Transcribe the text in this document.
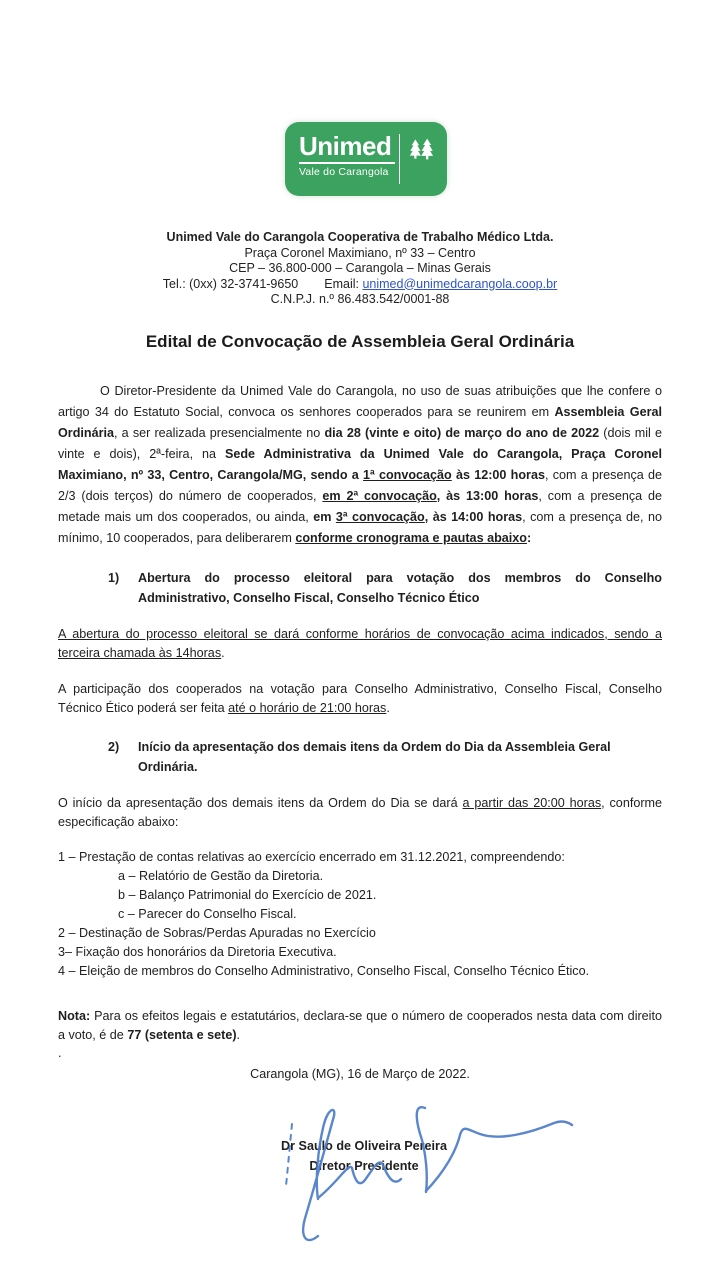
Unimed
Vale do Carangola
Unimed Vale do Carangola Cooperativa de Trabalho Médico Ltda.
Praça Coronel Maximiano, nº 33 – Centro
CEP – 36.800-000 – Carangola – Minas Gerais
Tel.: (0xx) 32-3741-9650 Email: unimed@unimedcarangola.coop.br
C.N.P.J. n.º 86.483.542/0001-88
Edital de Convocação de Assembleia Geral Ordinária

O Diretor-Presidente da Unimed Vale do Carangola, no uso de suas atribuições que lhe confere o artigo 34 do Estatuto Social, convoca os senhores cooperados para se reunirem em Assembleia Geral Ordinária, a ser realizada presencialmente no dia 28 (vinte e oito) de março do ano de 2022 (dois mil e vinte e dois), 2ª-feira, na Sede Administrativa da Unimed Vale do Carangola, Praça Coronel Maximiano, nº 33, Centro, Carangola/MG, sendo a 1ª convocação às 12:00 horas, com a presença de 2/3 (dois terços) do número de cooperados, em 2ª convocação, às 13:00 horas, com a presença de metade mais um dos cooperados, ou ainda, em 3ª convocação, às 14:00 horas, com a presença de, no mínimo, 10 cooperados, para deliberarem conforme cronograma e pautas abaixo:

1)	Abertura do processo eleitoral para votação dos membros do Conselho Administrativo, Conselho Fiscal, Conselho Técnico Ético

A abertura do processo eleitoral se dará conforme horários de convocação acima indicados, sendo a terceira chamada às 14horas.

A participação dos cooperados na votação para Conselho Administrativo, Conselho Fiscal, Conselho Técnico Ético poderá ser feita até o horário de 21:00 horas.

2)	Início da apresentação dos demais itens da Ordem do Dia da Assembleia Geral Ordinária.

O início da apresentação dos demais itens da Ordem do Dia se dará a partir das 20:00 horas, conforme especificação abaixo:

1 – Prestação de contas relativas ao exercício encerrado em 31.12.2021, compreendendo:
a – Relatório de Gestão da Diretoria.
b – Balanço Patrimonial do Exercício de 2021.
c – Parecer do Conselho Fiscal.
2 – Destinação de Sobras/Perdas Apuradas no Exercício
3– Fixação dos honorários da Diretoria Executiva.
4 – Eleição de membros do Conselho Administrativo, Conselho Fiscal, Conselho Técnico Ético.

Nota: Para os efeitos legais e estatutários, declara-se que o número de cooperados nesta data com direito a voto, é de 77 (setenta e sete).

.
Carangola (MG), 16 de Março de 2022.
Dr Saulo de Oliveira Pereira
Diretor Presidente
